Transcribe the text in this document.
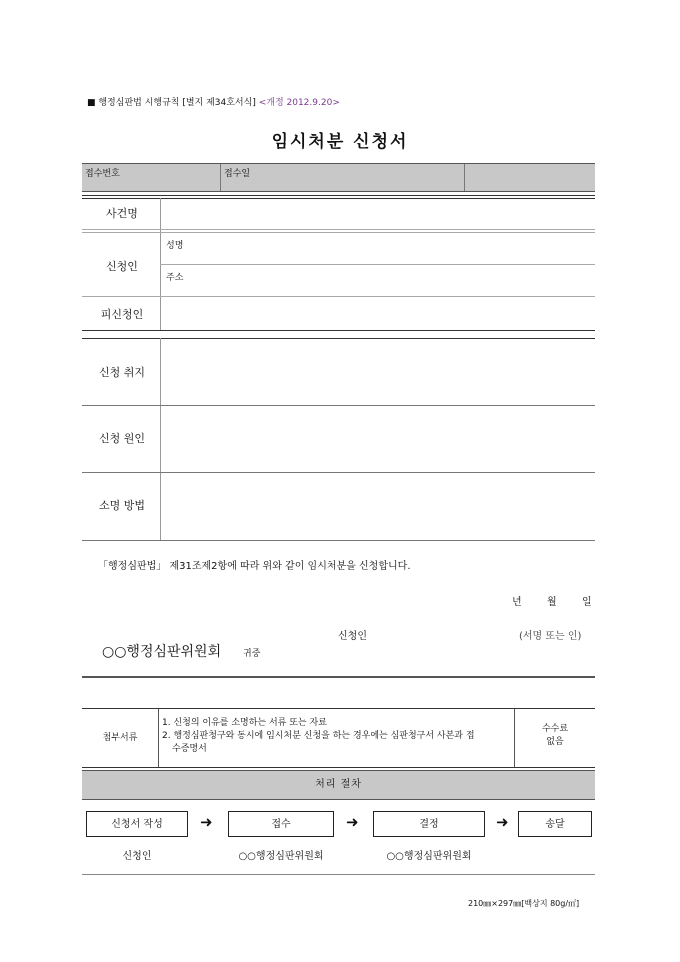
■ 행정심판법 시행규칙 [별지 제34호서식] <개정 2012.9.20>
임시처분 신청서
접수번호	접수일
사건명
신청인
성명
주소
피신청인
신청 취지
신청 원인
소명 방법
「행정심판법」 제31조제2항에 따라 위와 같이 임시처분을 신청합니다.
년	월	일
신청인	(서명 또는 인)
○○행정심판위원회 귀중
첨부서류
1. 신청의 이유를 소명하는 서류 또는 자료
2. 행정심판청구와 동시에 임시처분 신청을 하는 경우에는 심판청구서 사본과 접
수증명서
수수료
없음
처리 절차
신청서 작성	➜	접수	➜	결정	➜	송달
신청인	○○행정심판위원회	○○행정심판위원회
210㎜×297㎜[백상지 80g/㎡]
